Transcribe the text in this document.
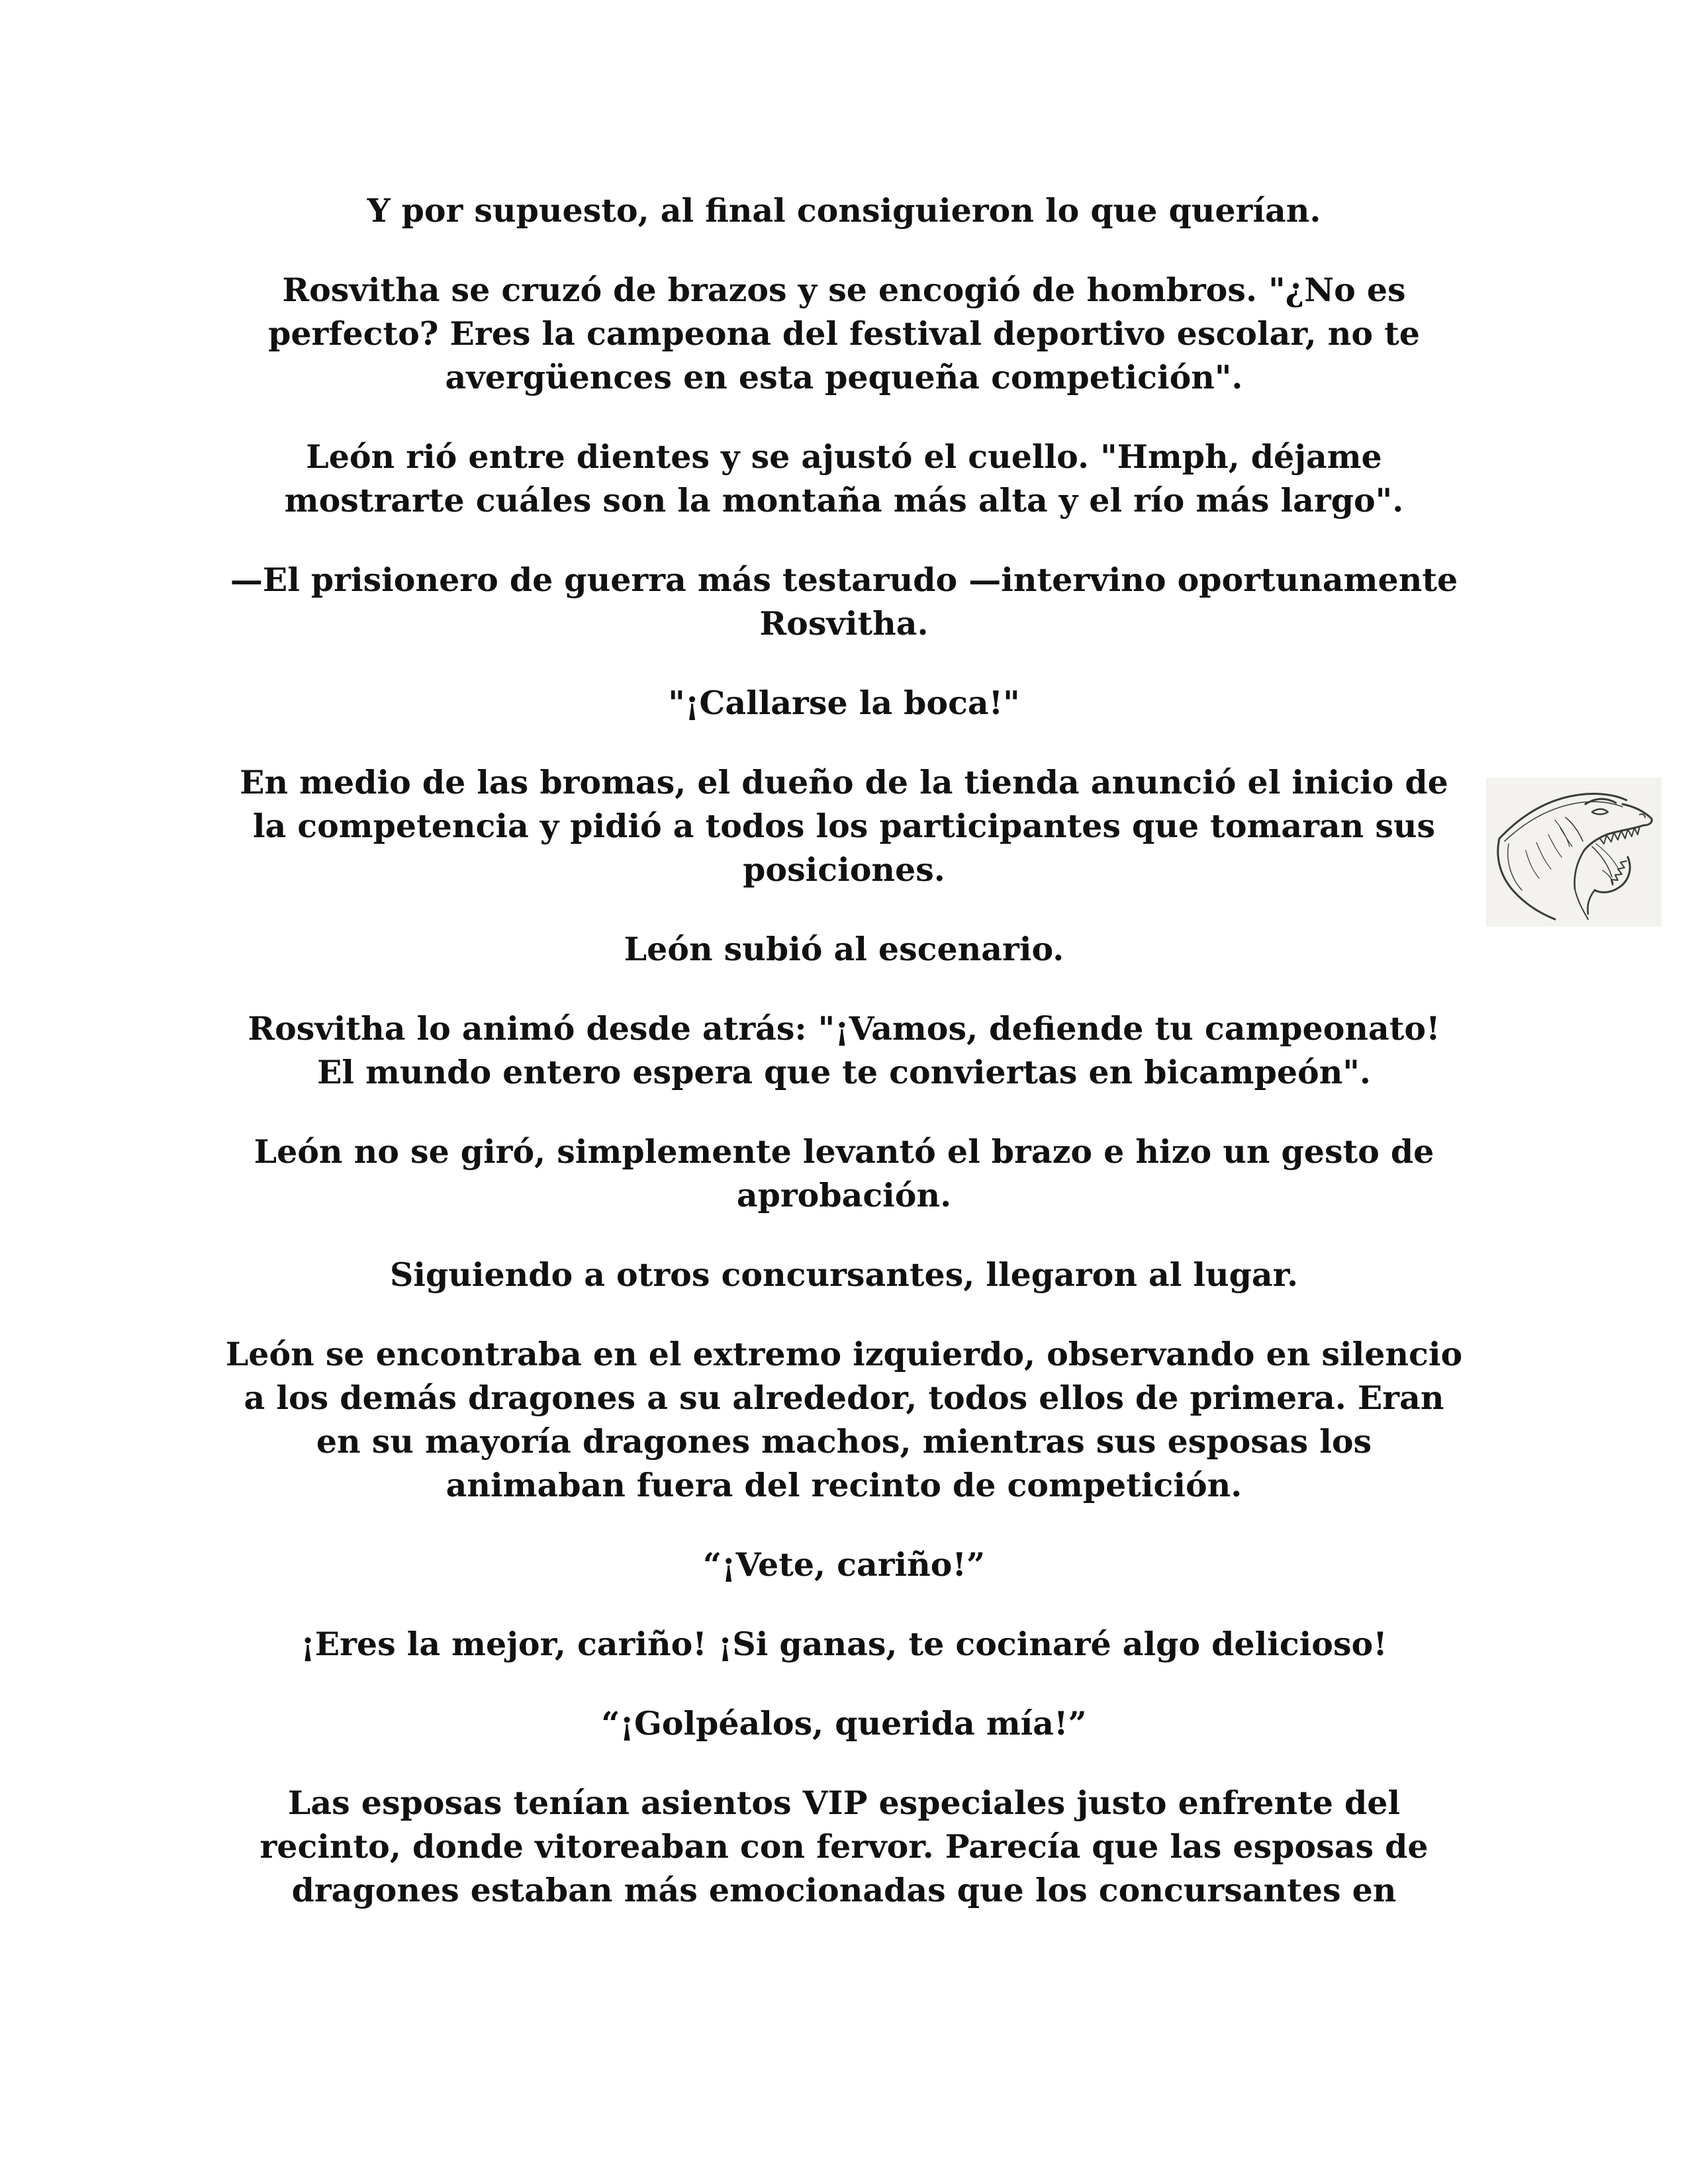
Y por supuesto, al final consiguieron lo que querían.

Rosvitha se cruzó de brazos y se encogió de hombros. "¿No es perfecto? Eres la campeona del festival deportivo escolar, no te avergüences en esta pequeña competición".

León rió entre dientes y se ajustó el cuello. "Hmph, déjame mostrarte cuáles son la montaña más alta y el río más largo".

—El prisionero de guerra más testarudo —intervino oportunamente Rosvitha.

"¡Callarse la boca!"

En medio de las bromas, el dueño de la tienda anunció el inicio de la competencia y pidió a todos los participantes que tomaran sus posiciones.

León subió al escenario.

Rosvitha lo animó desde atrás: "¡Vamos, defiende tu campeonato! El mundo entero espera que te conviertas en bicampeón".

León no se giró, simplemente levantó el brazo e hizo un gesto de aprobación.

Siguiendo a otros concursantes, llegaron al lugar.

León se encontraba en el extremo izquierdo, observando en silencio a los demás dragones a su alrededor, todos ellos de primera. Eran en su mayoría dragones machos, mientras sus esposas los animaban fuera del recinto de competición.

“¡Vete, cariño!”

¡Eres la mejor, cariño! ¡Si ganas, te cocinaré algo delicioso!

“¡Golpéalos, querida mía!”

Las esposas tenían asientos VIP especiales justo enfrente del recinto, donde vitoreaban con fervor. Parecía que las esposas de dragones estaban más emocionadas que los concursantes en
